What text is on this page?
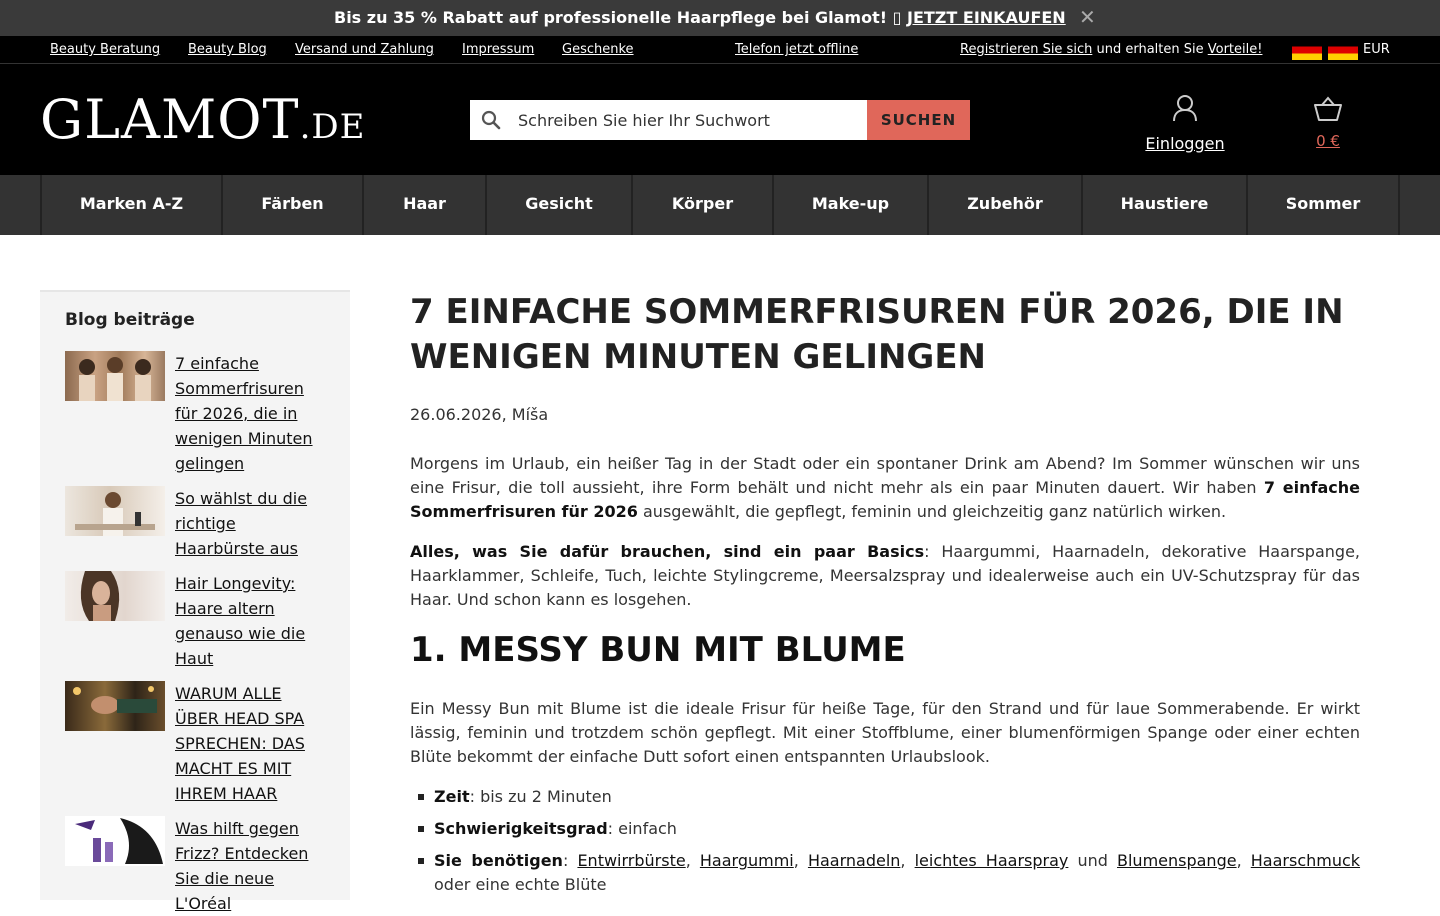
Bis zu 35 % Rabatt auf professionelle Haarpflege bei Glamot! ▯ JETZT EINKAUFEN ✕
Beauty Beratung Beauty Blog Versand und Zahlung Impressum Geschenke	Telefon jetzt offline	Registrieren Sie sich und erhalten Sie Vorteile!	EUR
GLAMOT.DE
Schreiben Sie hier Ihr Suchwort	SUCHEN
Einloggen	0 €
Marken A-Z	Färben	Haar	Gesicht	Körper	Make-up	Zubehör	Haustiere	Sommer
Blog beiträge
7 einfache Sommerfrisuren für 2026, die in wenigen Minuten gelingen
So wählst du die richtige Haarbürste aus
Hair Longevity: Haare altern genauso wie die Haut
WARUM ALLE ÜBER HEAD SPA SPRECHEN: DAS MACHT ES MIT IHREM HAAR
Was hilft gegen Frizz? Entdecken Sie die neue L'Oréal
7 EINFACHE SOMMERFRISUREN FÜR 2026, DIE IN WENIGEN MINUTEN GELINGEN
26.06.2026, Míša

Morgens im Urlaub, ein heißer Tag in der Stadt oder ein spontaner Drink am Abend? Im Sommer wünschen wir uns eine Frisur, die toll aussieht, ihre Form behält und nicht mehr als ein paar Minuten dauert. Wir haben 7 einfache Sommerfrisuren für 2026 ausgewählt, die gepflegt, feminin und gleichzeitig ganz natürlich wirken.

Alles, was Sie dafür brauchen, sind ein paar Basics: Haargummi, Haarnadeln, dekorative Haarspange, Haarklammer, Schleife, Tuch, leichte Stylingcreme, Meersalzspray und idealerweise auch ein UV-Schutzspray für das Haar. Und schon kann es losgehen.

1. MESSY BUN MIT BLUME

Ein Messy Bun mit Blume ist die ideale Frisur für heiße Tage, für den Strand und für laue Sommerabende. Er wirkt lässig, feminin und trotzdem schön gepflegt. Mit einer Stoffblume, einer blumenförmigen Spange oder einer echten Blüte bekommt der einfache Dutt sofort einen entspannten Urlaubslook.

Zeit: bis zu 2 Minuten
Schwierigkeitsgrad: einfach
Sie benötigen: Entwirrbürste, Haargummi, Haarnadeln, leichtes Haarspray und Blumenspange, Haarschmuck oder eine echte Blüte
